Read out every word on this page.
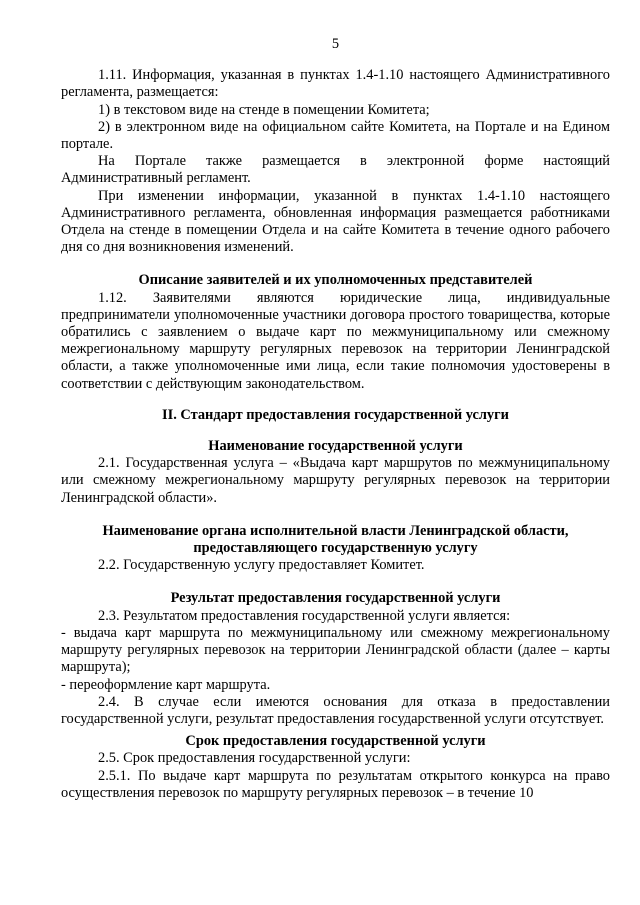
5

1.11. Информация, указанная в пунктах 1.4-1.10 настоящего Административного регламента, размещается:

1) в текстовом виде на стенде в помещении Комитета;

2) в электронном виде на официальном сайте Комитета, на Портале и на Едином портале.

На Портале также размещается в электронной форме настоящий Административный регламент.

При изменении информации, указанной в пунктах 1.4-1.10 настоящего Административного регламента, обновленная информация размещается работниками Отдела на стенде в помещении Отдела и на сайте Комитета в течение одного рабочего дня со дня возникновения изменений.

Описание заявителей и их уполномоченных представителей

1.12. Заявителями являются юридические лица, индивидуальные предприниматели уполномоченные участники договора простого товарищества, которые обратились с заявлением о выдаче карт по межмуниципальному или смежному межрегиональному маршруту регулярных перевозок на территории Ленинградской области, а также уполномоченные ими лица, если такие полномочия удостоверены в соответствии с действующим законодательством.

II. Стандарт предоставления государственной услуги

Наименование государственной услуги

2.1. Государственная услуга – «Выдача карт маршрутов по межмуниципальному или смежному межрегиональному маршруту регулярных перевозок на территории Ленинградской области».

Наименование органа исполнительной власти Ленинградской области,
предоставляющего государственную услугу

2.2. Государственную услугу предоставляет Комитет.

Результат предоставления государственной услуги

2.3. Результатом предоставления государственной услуги является:

- выдача карт маршрута по межмуниципальному или смежному межрегиональному маршруту регулярных перевозок на территории Ленинградской области (далее – карты маршрута);

- переоформление карт маршрута.

2.4. В случае если имеются основания для отказа в предоставлении государственной услуги, результат предоставления государственной услуги отсутствует.

Срок предоставления государственной услуги

2.5. Срок предоставления государственной услуги:

2.5.1. По выдаче карт маршрута по результатам открытого конкурса на право осуществления перевозок по маршруту регулярных перевозок – в течение 10
